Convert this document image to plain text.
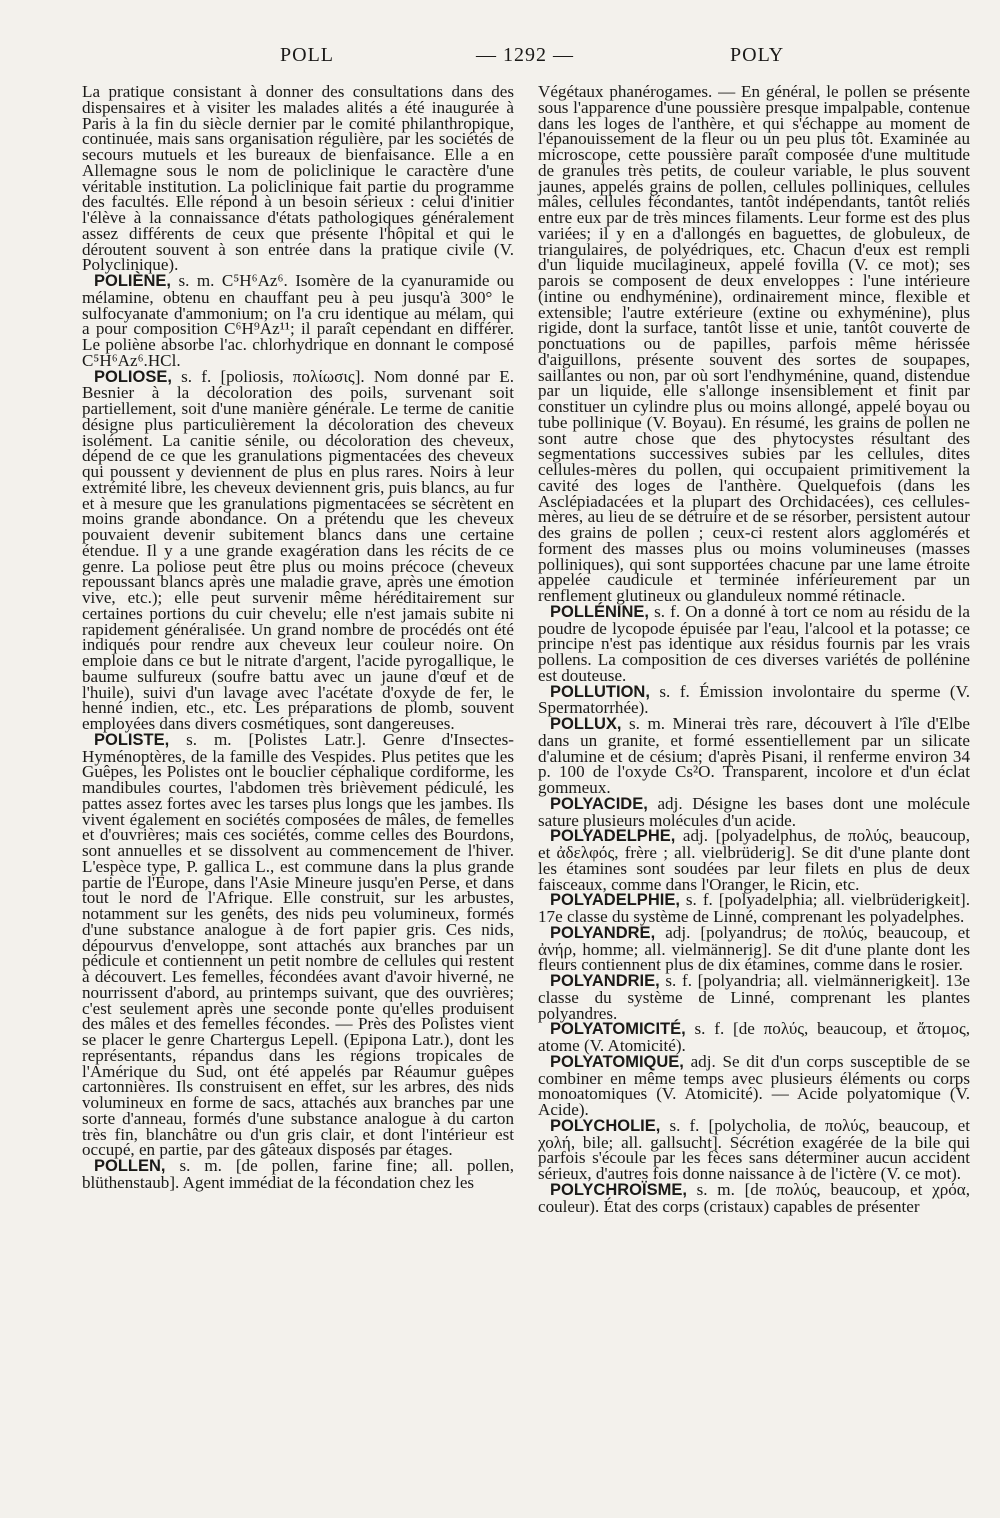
POLL	— 1292 —	POLY

La pratique consistant à donner des consultations dans des dispensaires et à visiter les malades alités a été inaugurée à Paris à la fin du siècle dernier par le comité philanthropique, continuée, mais sans organisation régulière, par les sociétés de secours mutuels et les bureaux de bienfaisance. Elle a en Allemagne sous le nom de policlinique le caractère d'une véritable institution. La policlinique fait partie du programme des facultés. Elle répond à un besoin sérieux : celui d'initier l'élève à la connaissance d'états pathologiques généralement assez différents de ceux que présente l'hôpital et qui le déroutent souvent à son entrée dans la pratique civile (V. Polyclinique).

POLIÈNE, s. m. C⁵H⁶Az⁶. Isomère de la cyanuramide ou mélamine, obtenu en chauffant peu à peu jusqu'à 300° le sulfocyanate d'ammonium; on l'a cru identique au mélam, qui a pour composition C⁶H⁹Az¹¹; il paraît cependant en différer. Le poliène absorbe l'ac. chlorhydrique en donnant le composé C⁵H⁶Az⁶.HCl.

POLIOSE, s. f. [poliosis, πολίωσις]. Nom donné par E. Besnier à la décoloration des poils, survenant soit partiellement, soit d'une manière générale. Le terme de canitie désigne plus particulièrement la décoloration des cheveux isolément. La canitie sénile, ou décoloration des cheveux, dépend de ce que les granulations pigmentacées des cheveux qui poussent y deviennent de plus en plus rares. Noirs à leur extrémité libre, les cheveux deviennent gris, puis blancs, au fur et à mesure que les granulations pigmentacées se sécrètent en moins grande abondance. On a prétendu que les cheveux pouvaient devenir subitement blancs dans une certaine étendue. Il y a une grande exagération dans les récits de ce genre. La poliose peut être plus ou moins précoce (cheveux repoussant blancs après une maladie grave, après une émotion vive, etc.); elle peut survenir même héréditairement sur certaines portions du cuir chevelu; elle n'est jamais subite ni rapidement généralisée. Un grand nombre de procédés ont été indiqués pour rendre aux cheveux leur couleur noire. On emploie dans ce but le nitrate d'argent, l'acide pyrogallique, le baume sulfureux (soufre battu avec un jaune d'œuf et de l'huile), suivi d'un lavage avec l'acétate d'oxyde de fer, le henné indien, etc., etc. Les préparations de plomb, souvent employées dans divers cosmétiques, sont dangereuses.

POLISTE, s. m. [Polistes Latr.]. Genre d'Insectes-Hyménoptères, de la famille des Vespides. Plus petites que les Guêpes, les Polistes ont le bouclier céphalique cordiforme, les mandibules courtes, l'abdomen très brièvement pédiculé, les pattes assez fortes avec les tarses plus longs que les jambes. Ils vivent également en sociétés composées de mâles, de femelles et d'ouvrières; mais ces sociétés, comme celles des Bourdons, sont annuelles et se dissolvent au commencement de l'hiver. L'espèce type, P. gallica L., est commune dans la plus grande partie de l'Europe, dans l'Asie Mineure jusqu'en Perse, et dans tout le nord de l'Afrique. Elle construit, sur les arbustes, notamment sur les genêts, des nids peu volumineux, formés d'une substance analogue à de fort papier gris. Ces nids, dépourvus d'enveloppe, sont attachés aux branches par un pédicule et contiennent un petit nombre de cellules qui restent à découvert. Les femelles, fécondées avant d'avoir hiverné, ne nourrissent d'abord, au printemps suivant, que des ouvrières; c'est seulement après une seconde ponte qu'elles produisent des mâles et des femelles fécondes. — Près des Polistes vient se placer le genre Chartergus Lepell. (Epipona Latr.), dont les représentants, répandus dans les régions tropicales de l'Amérique du Sud, ont été appelés par Réaumur guêpes cartonnières. Ils construisent en effet, sur les arbres, des nids volumineux en forme de sacs, attachés aux branches par une sorte d'anneau, formés d'une substance analogue à du carton très fin, blanchâtre ou d'un gris clair, et dont l'intérieur est occupé, en partie, par des gâteaux disposés par étages.

POLLEN, s. m. [de pollen, farine fine; all. pollen, blüthenstaub]. Agent immédiat de la fécondation chez les

Végétaux phanérogames. — En général, le pollen se présente sous l'apparence d'une poussière presque impalpable, contenue dans les loges de l'anthère, et qui s'échappe au moment de l'épanouissement de la fleur ou un peu plus tôt. Examinée au microscope, cette poussière paraît composée d'une multitude de granules très petits, de couleur variable, le plus souvent jaunes, appelés grains de pollen, cellules polliniques, cellules mâles, cellules fécondantes, tantôt indépendants, tantôt reliés entre eux par de très minces filaments. Leur forme est des plus variées; il y en a d'allongés en baguettes, de globuleux, de triangulaires, de polyédriques, etc. Chacun d'eux est rempli d'un liquide mucilagineux, appelé fovilla (V. ce mot); ses parois se composent de deux enveloppes : l'une intérieure (intine ou endhyménine), ordinairement mince, flexible et extensible; l'autre extérieure (extine ou exhyménine), plus rigide, dont la surface, tantôt lisse et unie, tantôt couverte de ponctuations ou de papilles, parfois même hérissée d'aiguillons, présente souvent des sortes de soupapes, saillantes ou non, par où sort l'endhyménine, quand, distendue par un liquide, elle s'allonge insensiblement et finit par constituer un cylindre plus ou moins allongé, appelé boyau ou tube pollinique (V. Boyau). En résumé, les grains de pollen ne sont autre chose que des phytocystes résultant des segmentations successives subies par les cellules, dites cellules-mères du pollen, qui occupaient primitivement la cavité des loges de l'anthère. Quelquefois (dans les Asclépiadacées et la plupart des Orchidacées), ces cellules-mères, au lieu de se détruire et de se résorber, persistent autour des grains de pollen ; ceux-ci restent alors agglomérés et forment des masses plus ou moins volumineuses (masses polliniques), qui sont supportées chacune par une lame étroite appelée caudicule et terminée inférieurement par un renflement glutineux ou glanduleux nommé rétinacle.

POLLÉNINE, s. f. On a donné à tort ce nom au résidu de la poudre de lycopode épuisée par l'eau, l'alcool et la potasse; ce principe n'est pas identique aux résidus fournis par les vrais pollens. La composition de ces diverses variétés de pollénine est douteuse.

POLLUTION, s. f. Émission involontaire du sperme (V. Spermatorrhée).

POLLUX, s. m. Minerai très rare, découvert à l'île d'Elbe dans un granite, et formé essentiellement par un silicate d'alumine et de césium; d'après Pisani, il renferme environ 34 p. 100 de l'oxyde Cs²O. Transparent, incolore et d'un éclat gommeux.

POLYACIDE, adj. Désigne les bases dont une molécule sature plusieurs molécules d'un acide.

POLYADELPHE, adj. [polyadelphus, de πολύς, beaucoup, et ἀδελφός, frère ; all. vielbrüderig]. Se dit d'une plante dont les étamines sont soudées par leur filets en plus de deux faisceaux, comme dans l'Oranger, le Ricin, etc.

POLYADELPHIE, s. f. [polyadelphia; all. vielbrüderigkeit]. 17e classe du système de Linné, comprenant les polyadelphes.

POLYANDRE, adj. [polyandrus; de πολύς, beaucoup, et ἀνήρ, homme; all. vielmännerig]. Se dit d'une plante dont les fleurs contiennent plus de dix étamines, comme dans le rosier.

POLYANDRIE, s. f. [polyandria; all. vielmännerigkeit]. 13e classe du système de Linné, comprenant les plantes polyandres.

POLYATOMICITÉ, s. f. [de πολύς, beaucoup, et ἄτομος, atome (V. Atomicité).

POLYATOMIQUE, adj. Se dit d'un corps susceptible de se combiner en même temps avec plusieurs éléments ou corps monoatomiques (V. Atomicité). — Acide polyatomique (V. Acide).

POLYCHOLIE, s. f. [polycholia, de πολύς, beaucoup, et χολή, bile; all. gallsucht]. Sécrétion exagérée de la bile qui parfois s'écoule par les fèces sans déterminer aucun accident sérieux, d'autres fois donne naissance à de l'ictère (V. ce mot).

POLYCHROÏSME, s. m. [de πολύς, beaucoup, et χρόα, couleur). État des corps (cristaux) capables de présenter
